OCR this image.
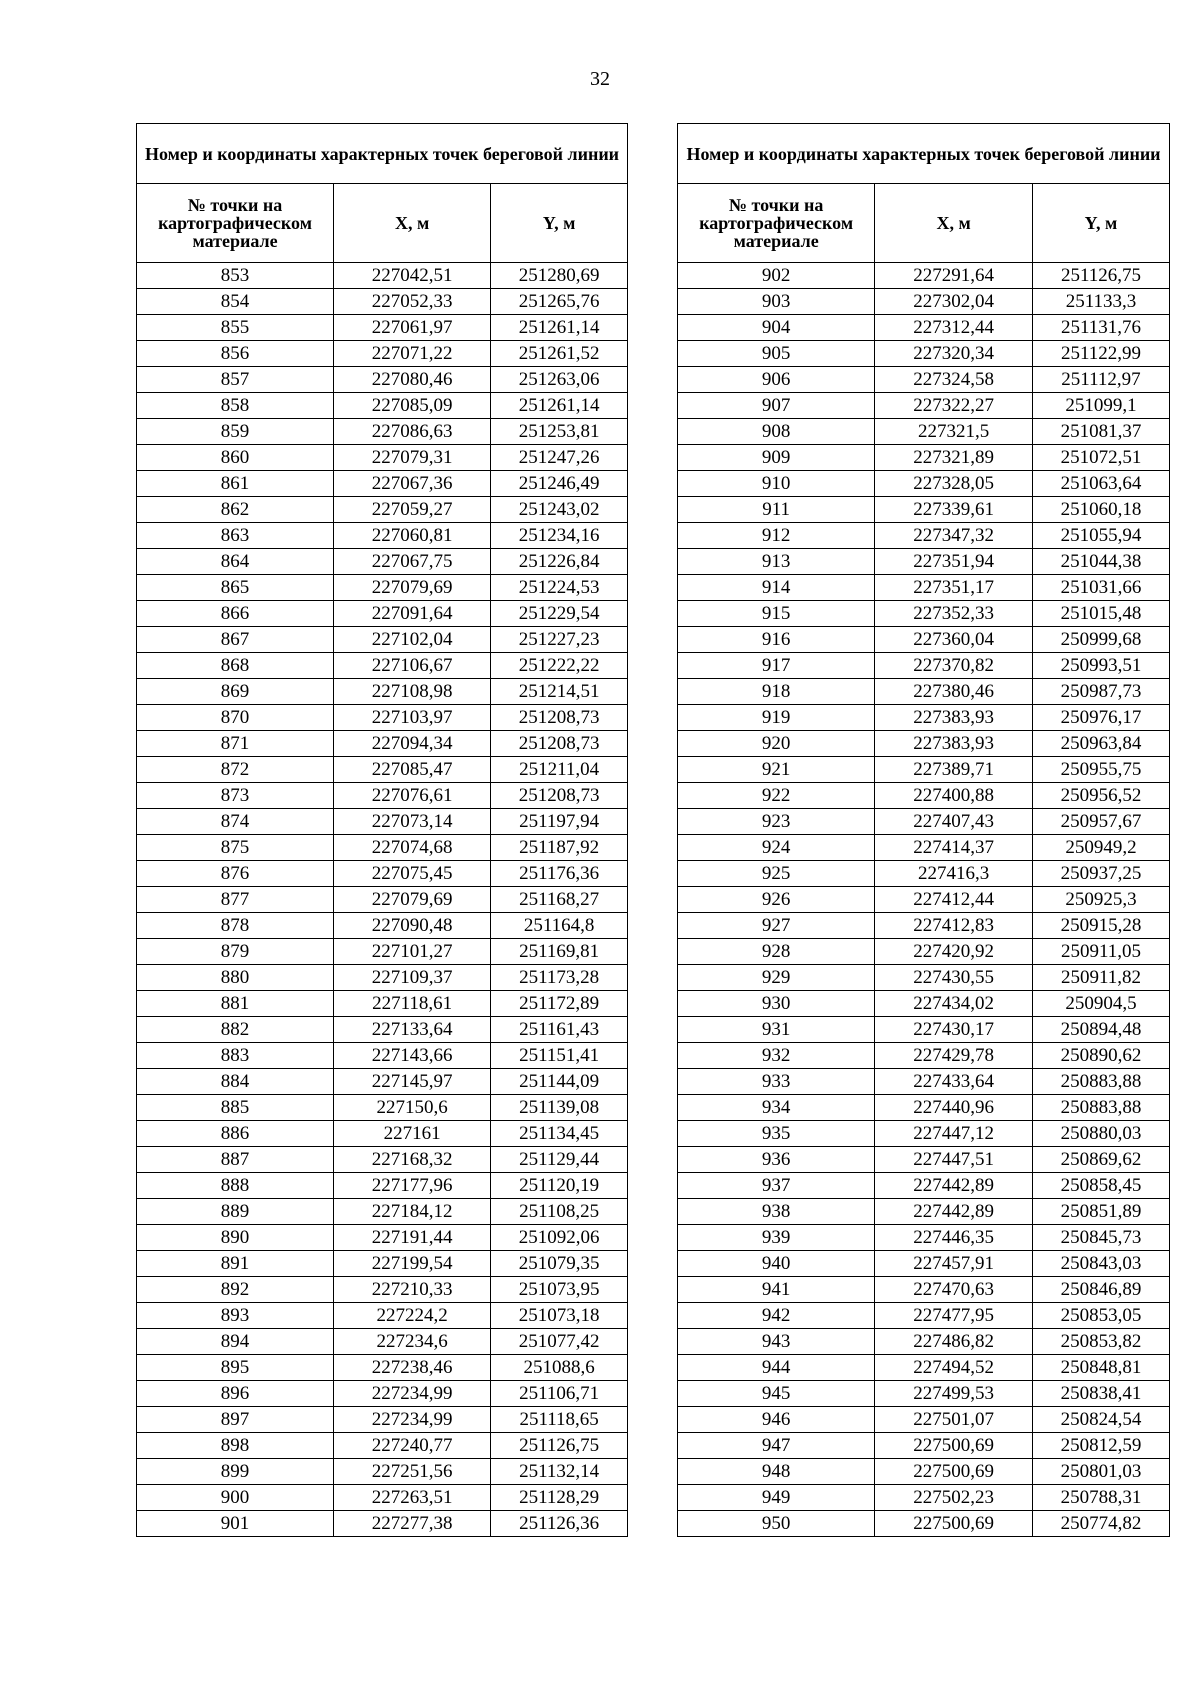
32
Номер и координаты характерных точек береговой линии		
№ точки на картографическом материале	X, м	Y, м
853	227042,51	251280,69
854	227052,33	251265,76
855	227061,97	251261,14
856	227071,22	251261,52
857	227080,46	251263,06
858	227085,09	251261,14
859	227086,63	251253,81
860	227079,31	251247,26
861	227067,36	251246,49
862	227059,27	251243,02
863	227060,81	251234,16
864	227067,75	251226,84
865	227079,69	251224,53
866	227091,64	251229,54
867	227102,04	251227,23
868	227106,67	251222,22
869	227108,98	251214,51
870	227103,97	251208,73
871	227094,34	251208,73
872	227085,47	251211,04
873	227076,61	251208,73
874	227073,14	251197,94
875	227074,68	251187,92
876	227075,45	251176,36
877	227079,69	251168,27
878	227090,48	251164,8
879	227101,27	251169,81
880	227109,37	251173,28
881	227118,61	251172,89
882	227133,64	251161,43
883	227143,66	251151,41
884	227145,97	251144,09
885	227150,6	251139,08
886	227161	251134,45
887	227168,32	251129,44
888	227177,96	251120,19
889	227184,12	251108,25
890	227191,44	251092,06
891	227199,54	251079,35
892	227210,33	251073,95
893	227224,2	251073,18
894	227234,6	251077,42
895	227238,46	251088,6
896	227234,99	251106,71
897	227234,99	251118,65
898	227240,77	251126,75
899	227251,56	251132,14
900	227263,51	251128,29
901	227277,38	251126,36
Номер и координаты характерных точек береговой линии		
№ точки на картографическом материале	X, м	Y, м
902	227291,64	251126,75
903	227302,04	251133,3
904	227312,44	251131,76
905	227320,34	251122,99
906	227324,58	251112,97
907	227322,27	251099,1
908	227321,5	251081,37
909	227321,89	251072,51
910	227328,05	251063,64
911	227339,61	251060,18
912	227347,32	251055,94
913	227351,94	251044,38
914	227351,17	251031,66
915	227352,33	251015,48
916	227360,04	250999,68
917	227370,82	250993,51
918	227380,46	250987,73
919	227383,93	250976,17
920	227383,93	250963,84
921	227389,71	250955,75
922	227400,88	250956,52
923	227407,43	250957,67
924	227414,37	250949,2
925	227416,3	250937,25
926	227412,44	250925,3
927	227412,83	250915,28
928	227420,92	250911,05
929	227430,55	250911,82
930	227434,02	250904,5
931	227430,17	250894,48
932	227429,78	250890,62
933	227433,64	250883,88
934	227440,96	250883,88
935	227447,12	250880,03
936	227447,51	250869,62
937	227442,89	250858,45
938	227442,89	250851,89
939	227446,35	250845,73
940	227457,91	250843,03
941	227470,63	250846,89
942	227477,95	250853,05
943	227486,82	250853,82
944	227494,52	250848,81
945	227499,53	250838,41
946	227501,07	250824,54
947	227500,69	250812,59
948	227500,69	250801,03
949	227502,23	250788,31
950	227500,69	250774,82
